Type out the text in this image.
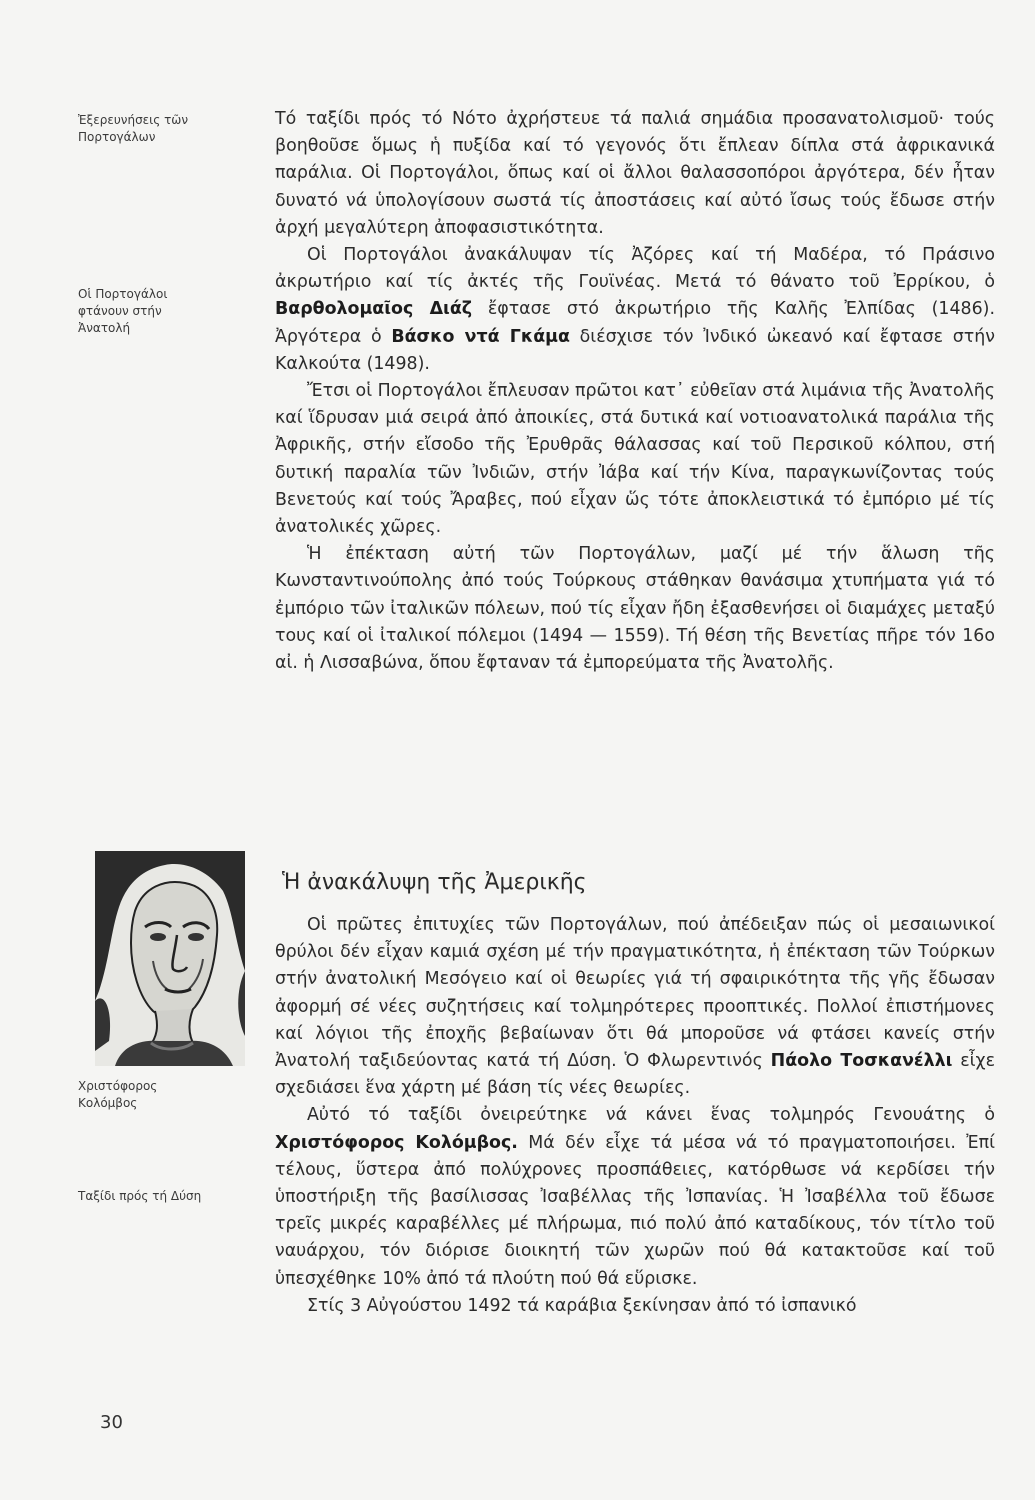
Ἐξερευνήσεις τῶν
Πορτογάλων
Οἱ Πορτογάλοι
φτάνουν στήν
Ἀνατολή
Χριστόφορος
Κολόμβος
Ταξίδι πρός τή Δύση

Τό ταξίδι πρός τό Νότο ἀχρήστευε τά παλιά σημάδια προσανατολισμοῦ· τούς βοηθοῦσε ὅμως ἡ πυξίδα καί τό γεγονός ὅτι ἔπλεαν δίπλα στά ἀφρικανικά παράλια. Οἱ Πορτογάλοι, ὅπως καί οἱ ἄλλοι θαλασσοπόροι ἀργότερα, δέν ἦταν δυνατό νά ὑπολογίσουν σωστά τίς ἀποστάσεις καί αὐτό ἴσως τούς ἔδωσε στήν ἀρχή μεγαλύτερη ἀποφασιστικότητα.

Οἱ Πορτογάλοι ἀνακάλυψαν τίς Ἀζόρες καί τή Μαδέρα, τό Πράσινο ἀκρωτήριο καί τίς ἀκτές τῆς Γουϊνέας. Μετά τό θάνατο τοῦ Ἐρρίκου, ὁ Βαρθολομαῖος Διάζ ἔφτασε στό ἀκρωτήριο τῆς Καλῆς Ἐλπίδας (1486). Ἀργότερα ὁ Βάσκο ντά Γκάμα διέσχισε τόν Ἰνδικό ὠκεανό καί ἔφτασε στήν Καλκούτα (1498).

Ἔτσι οἱ Πορτογάλοι ἔπλευσαν πρῶτοι κατ᾽ εὐθεῖαν στά λιμάνια τῆς Ἀνατολῆς καί ἵδρυσαν μιά σειρά ἀπό ἀποικίες, στά δυτικά καί νοτιοανατολικά παράλια τῆς Ἀφρικῆς, στήν εἴσοδο τῆς Ἐρυθρᾶς θάλασσας καί τοῦ Περσικοῦ κόλπου, στή δυτική παραλία τῶν Ἰνδιῶν, στήν Ἰάβα καί τήν Κίνα, παραγκωνίζοντας τούς Βενετούς καί τούς Ἄραβες, πού εἶχαν ὥς τότε ἀποκλειστικά τό ἐμπόριο μέ τίς ἀνατολικές χῶρες.

Ἡ ἐπέκταση αὐτή τῶν Πορτογάλων, μαζί μέ τήν ἅλωση τῆς Κωνσταντινούπολης ἀπό τούς Τούρκους στάθηκαν θανάσιμα χτυπήματα γιά τό ἐμπόριο τῶν ἰταλικῶν πόλεων, πού τίς εἶχαν ἤδη ἐξασθενήσει οἱ διαμάχες μεταξύ τους καί οἱ ἰταλικοί πόλεμοι (1494 — 1559). Τή θέση τῆς Βενετίας πῆρε τόν 16ο αἰ. ἡ Λισσαβώνα, ὅπου ἔφταναν τά ἐμπορεύματα τῆς Ἀνατολῆς.

Ἡ ἀνακάλυψη τῆς Ἀμερικῆς

Οἱ πρῶτες ἐπιτυχίες τῶν Πορτογάλων, πού ἀπέδειξαν πώς οἱ μεσαιωνικοί θρύλοι δέν εἶχαν καμιά σχέση μέ τήν πραγματικότητα, ἡ ἐπέκταση τῶν Τούρκων στήν ἀνατολική Μεσόγειο καί οἱ θεωρίες γιά τή σφαιρικότητα τῆς γῆς ἔδωσαν ἀφορμή σέ νέες συζητήσεις καί τολμηρότερες προοπτικές. Πολλοί ἐπιστήμονες καί λόγιοι τῆς ἐποχῆς βεβαίωναν ὅτι θά μποροῦσε νά φτάσει κανείς στήν Ἀνατολή ταξιδεύοντας κατά τή Δύση. Ὁ Φλωρεντινός Πάολο Τοσκανέλλι εἶχε σχεδιάσει ἕνα χάρτη μέ βάση τίς νέες θεωρίες.

Αὐτό τό ταξίδι ὀνειρεύτηκε νά κάνει ἕνας τολμηρός Γενουάτης ὁ Χριστόφορος Κολόμβος. Μά δέν εἶχε τά μέσα νά τό πραγματοποιήσει. Ἐπί τέλους, ὕστερα ἀπό πολύχρονες προσπάθειες, κατόρθωσε νά κερδίσει τήν ὑποστήριξη τῆς βασίλισσας Ἰσαβέλλας τῆς Ἰσπανίας. Ἡ Ἰσαβέλλα τοῦ ἔδωσε τρεῖς μικρές καραβέλλες μέ πλήρωμα, πιό πολύ ἀπό καταδίκους, τόν τίτλο τοῦ ναυάρχου, τόν διόρισε διοικητή τῶν χωρῶν πού θά κατακτοῦσε καί τοῦ ὑπεσχέθηκε 10% ἀπό τά πλούτη πού θά εὕρισκε.

Στίς 3 Αὐγούστου 1492 τά καράβια ξεκίνησαν ἀπό τό ἰσπανικό

30
